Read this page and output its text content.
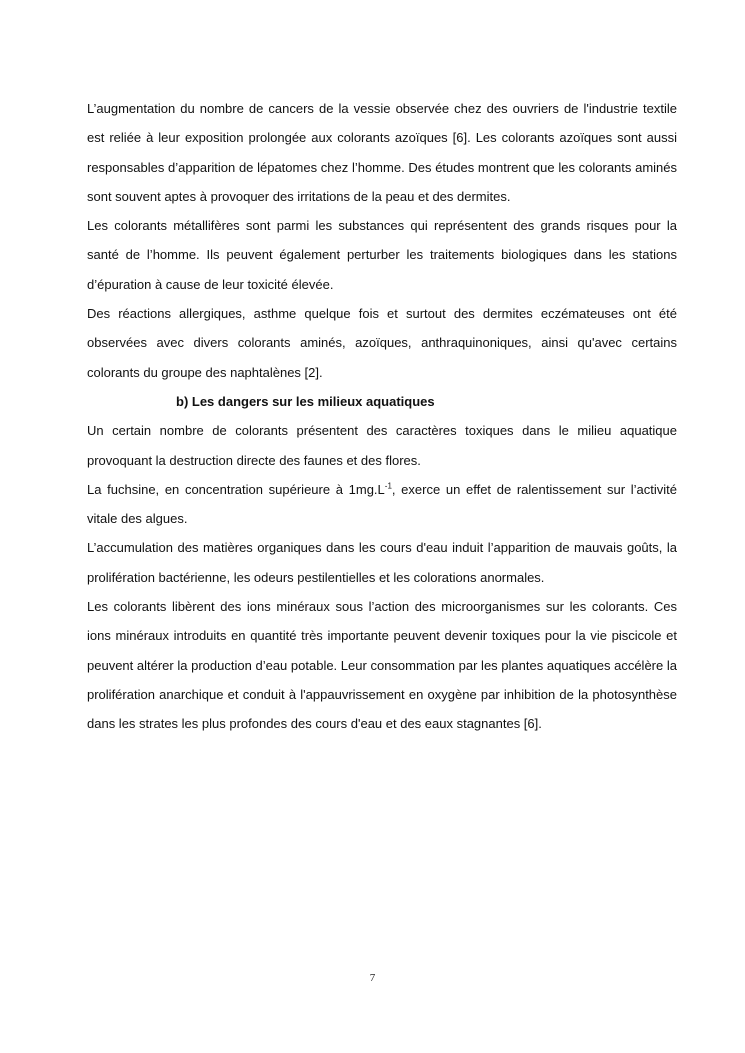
L’augmentation du nombre de cancers de la vessie observée chez des ouvriers de l'industrie textile est reliée à leur exposition prolongée aux colorants azoïques [6]. Les colorants azoïques sont aussi responsables d’apparition de lépatomes chez l’homme. Des études montrent que les colorants aminés sont souvent aptes à provoquer des irritations de la peau et des dermites.

Les colorants métallifères sont parmi les substances qui représentent des grands risques pour la santé de l’homme. Ils peuvent également perturber les traitements biologiques dans les stations d’épuration à cause de leur toxicité élevée.

Des réactions allergiques, asthme quelque fois et surtout des dermites eczémateuses ont été observées avec divers colorants aminés, azoïques, anthraquinoniques, ainsi qu'avec certains colorants du groupe des naphtalènes [2].

b) Les dangers sur les milieux aquatiques

Un certain nombre de colorants présentent des caractères toxiques dans le milieu aquatique provoquant la destruction directe des faunes et des flores.

La fuchsine, en concentration supérieure à $1mg.L^{-1}$, exerce un effet de ralentissement sur l’activité vitale des algues.

L’accumulation des matières organiques dans les cours d'eau induit l’apparition de mauvais goûts, la prolifération bactérienne, les odeurs pestilentielles et les colorations anormales.

Les colorants libèrent des ions minéraux sous l’action des microorganismes sur les colorants. Ces ions minéraux introduits en quantité très importante peuvent devenir toxiques pour la vie piscicole et peuvent altérer la production d’eau potable. Leur consommation par les plantes aquatiques accélère la prolifération anarchique et conduit à l'appauvrissement en oxygène par inhibition de la photosynthèse dans les strates les plus profondes des cours d'eau et des eaux stagnantes [6].

7
